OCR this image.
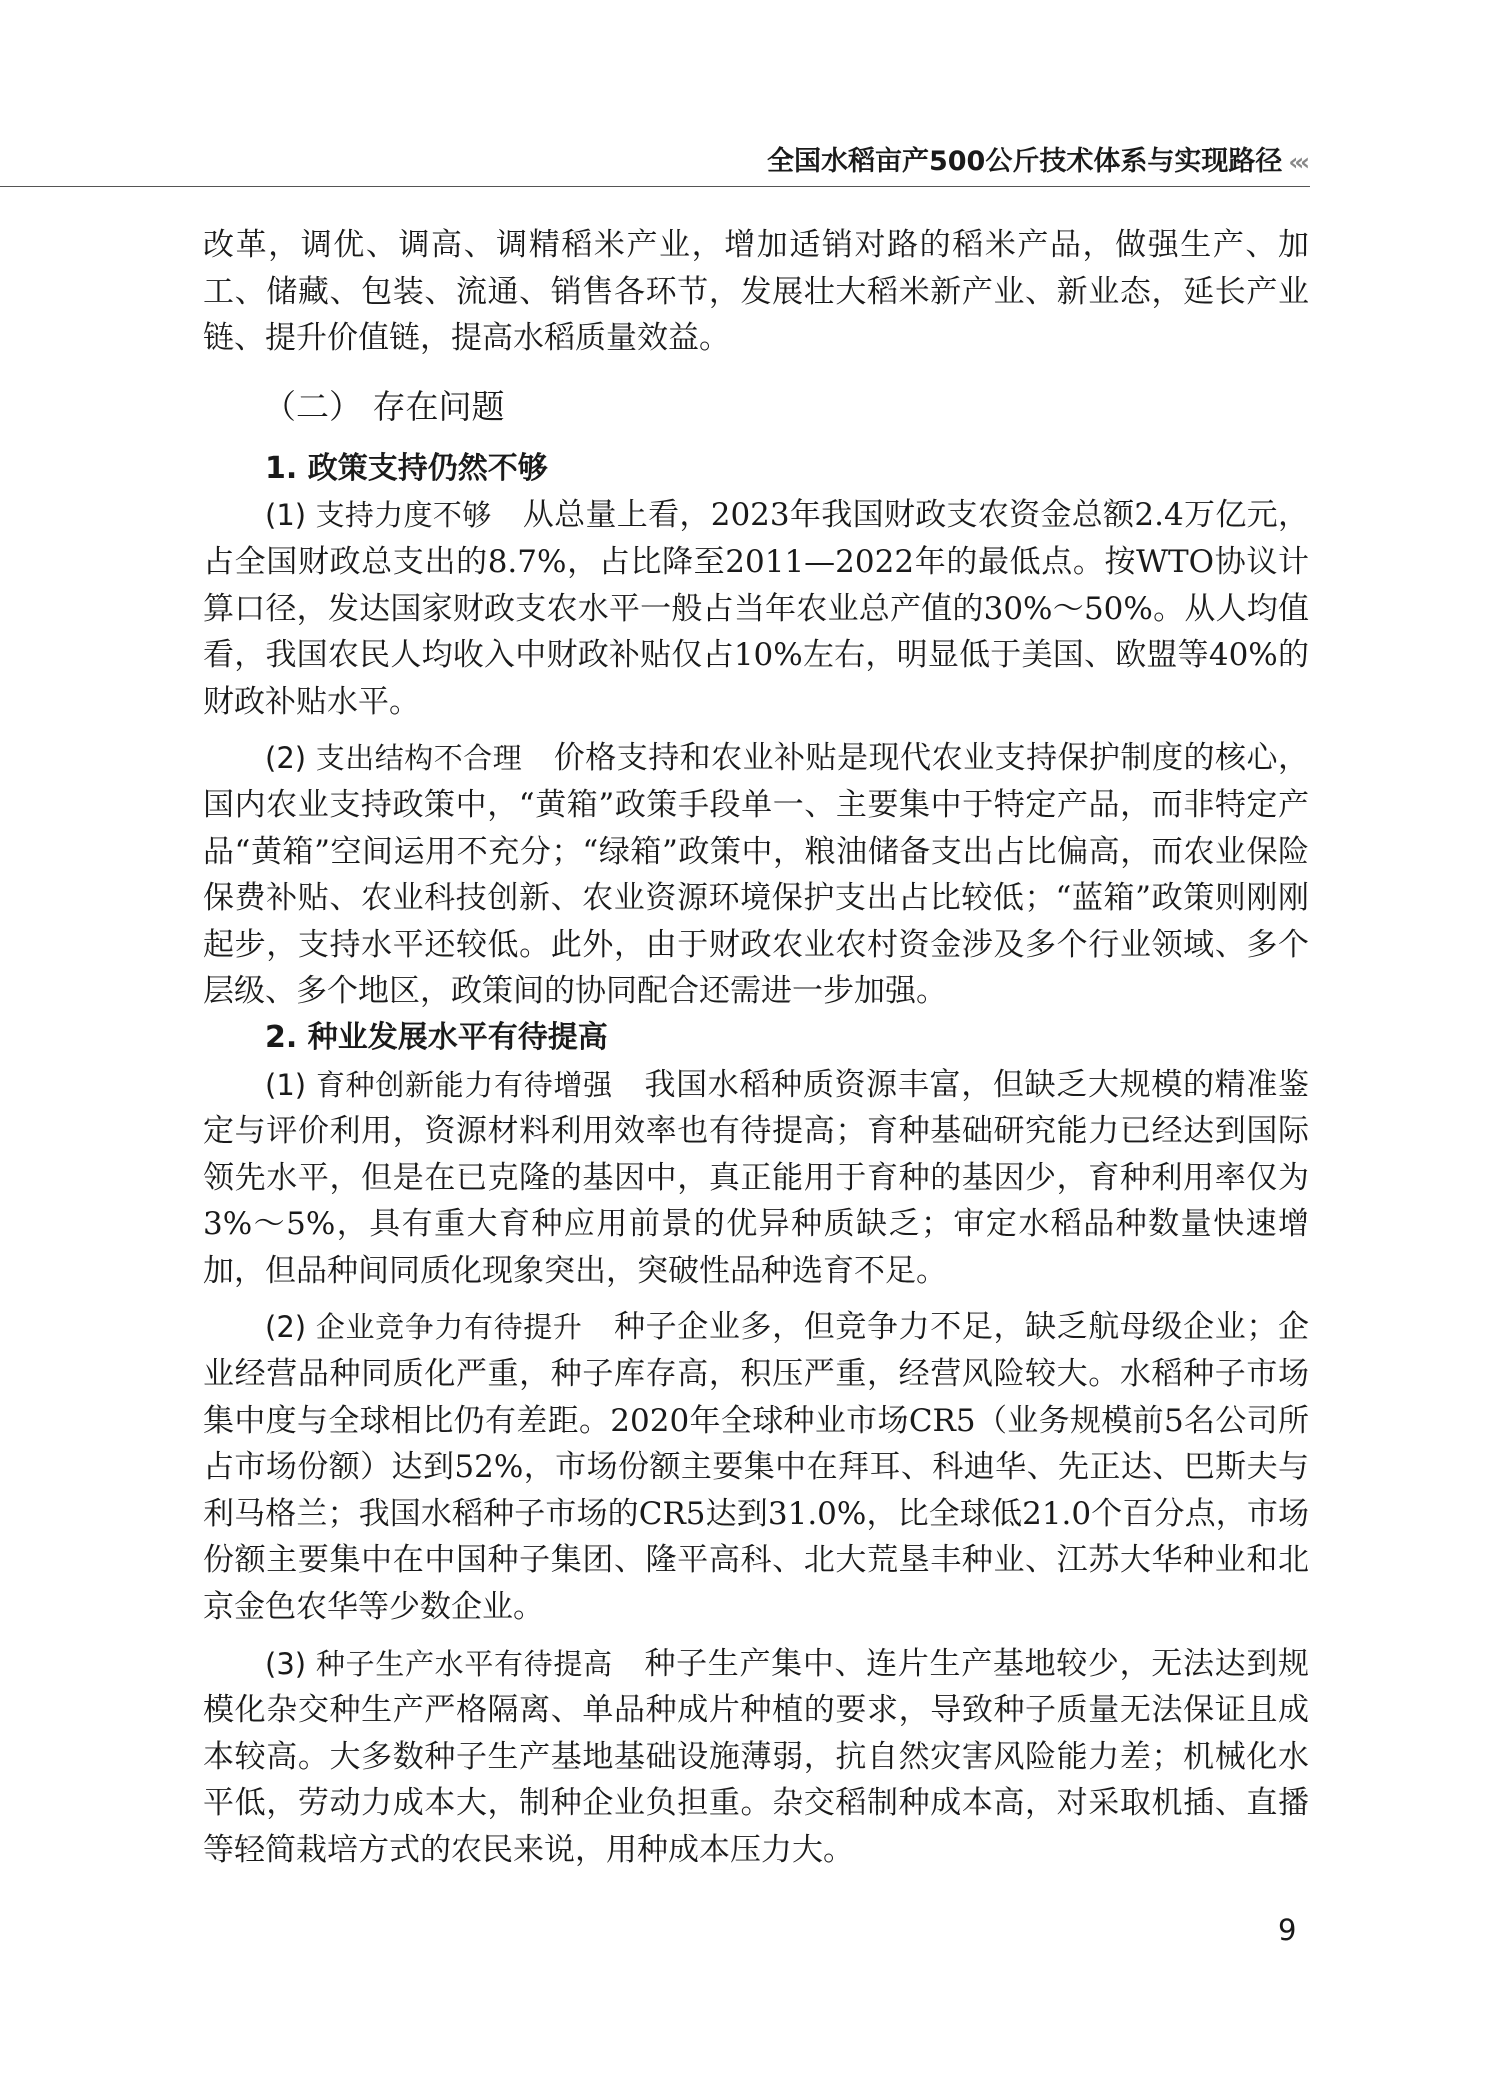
全国水稻亩产500公斤技术体系与实现路径 ‹‹‹

改革，调优、调高、调精稻米产业，增加适销对路的稻米产品，做强生产、加工、储藏、包装、流通、销售各环节，发展壮大稻米新产业、新业态，延长产业链、提升价值链，提高水稻质量效益。

（二） 存在问题

1. 政策支持仍然不够

(1) 支持力度不够　从总量上看，2023年我国财政支农资金总额2.4万亿元，占全国财政总支出的8.7%，占比降至2011—2022年的最低点。按WTO协议计算口径，发达国家财政支农水平一般占当年农业总产值的30%～50%。从人均值看，我国农民人均收入中财政补贴仅占10%左右，明显低于美国、欧盟等40%的财政补贴水平。

(2) 支出结构不合理　价格支持和农业补贴是现代农业支持保护制度的核心，国内农业支持政策中，“黄箱”政策手段单一、主要集中于特定产品，而非特定产品“黄箱”空间运用不充分；“绿箱”政策中，粮油储备支出占比偏高，而农业保险保费补贴、农业科技创新、农业资源环境保护支出占比较低；“蓝箱”政策则刚刚起步，支持水平还较低。此外，由于财政农业农村资金涉及多个行业领域、多个层级、多个地区，政策间的协同配合还需进一步加强。

2. 种业发展水平有待提高

(1) 育种创新能力有待增强　我国水稻种质资源丰富，但缺乏大规模的精准鉴定与评价利用，资源材料利用效率也有待提高；育种基础研究能力已经达到国际领先水平，但是在已克隆的基因中，真正能用于育种的基因少，育种利用率仅为3%～5%，具有重大育种应用前景的优异种质缺乏；审定水稻品种数量快速增加，但品种间同质化现象突出，突破性品种选育不足。

(2) 企业竞争力有待提升　种子企业多，但竞争力不足，缺乏航母级企业；企业经营品种同质化严重，种子库存高，积压严重，经营风险较大。水稻种子市场集中度与全球相比仍有差距。2020年全球种业市场CR5（业务规模前5名公司所占市场份额）达到52%，市场份额主要集中在拜耳、科迪华、先正达、巴斯夫与利马格兰；我国水稻种子市场的CR5达到31.0%，比全球低21.0个百分点，市场份额主要集中在中国种子集团、隆平高科、北大荒垦丰种业、江苏大华种业和北京金色农华等少数企业。

(3) 种子生产水平有待提高　种子生产集中、连片生产基地较少，无法达到规模化杂交种生产严格隔离、单品种成片种植的要求，导致种子质量无法保证且成本较高。大多数种子生产基地基础设施薄弱，抗自然灾害风险能力差；机械化水平低，劳动力成本大，制种企业负担重。杂交稻制种成本高，对采取机插、直播等轻简栽培方式的农民来说，用种成本压力大。

9
